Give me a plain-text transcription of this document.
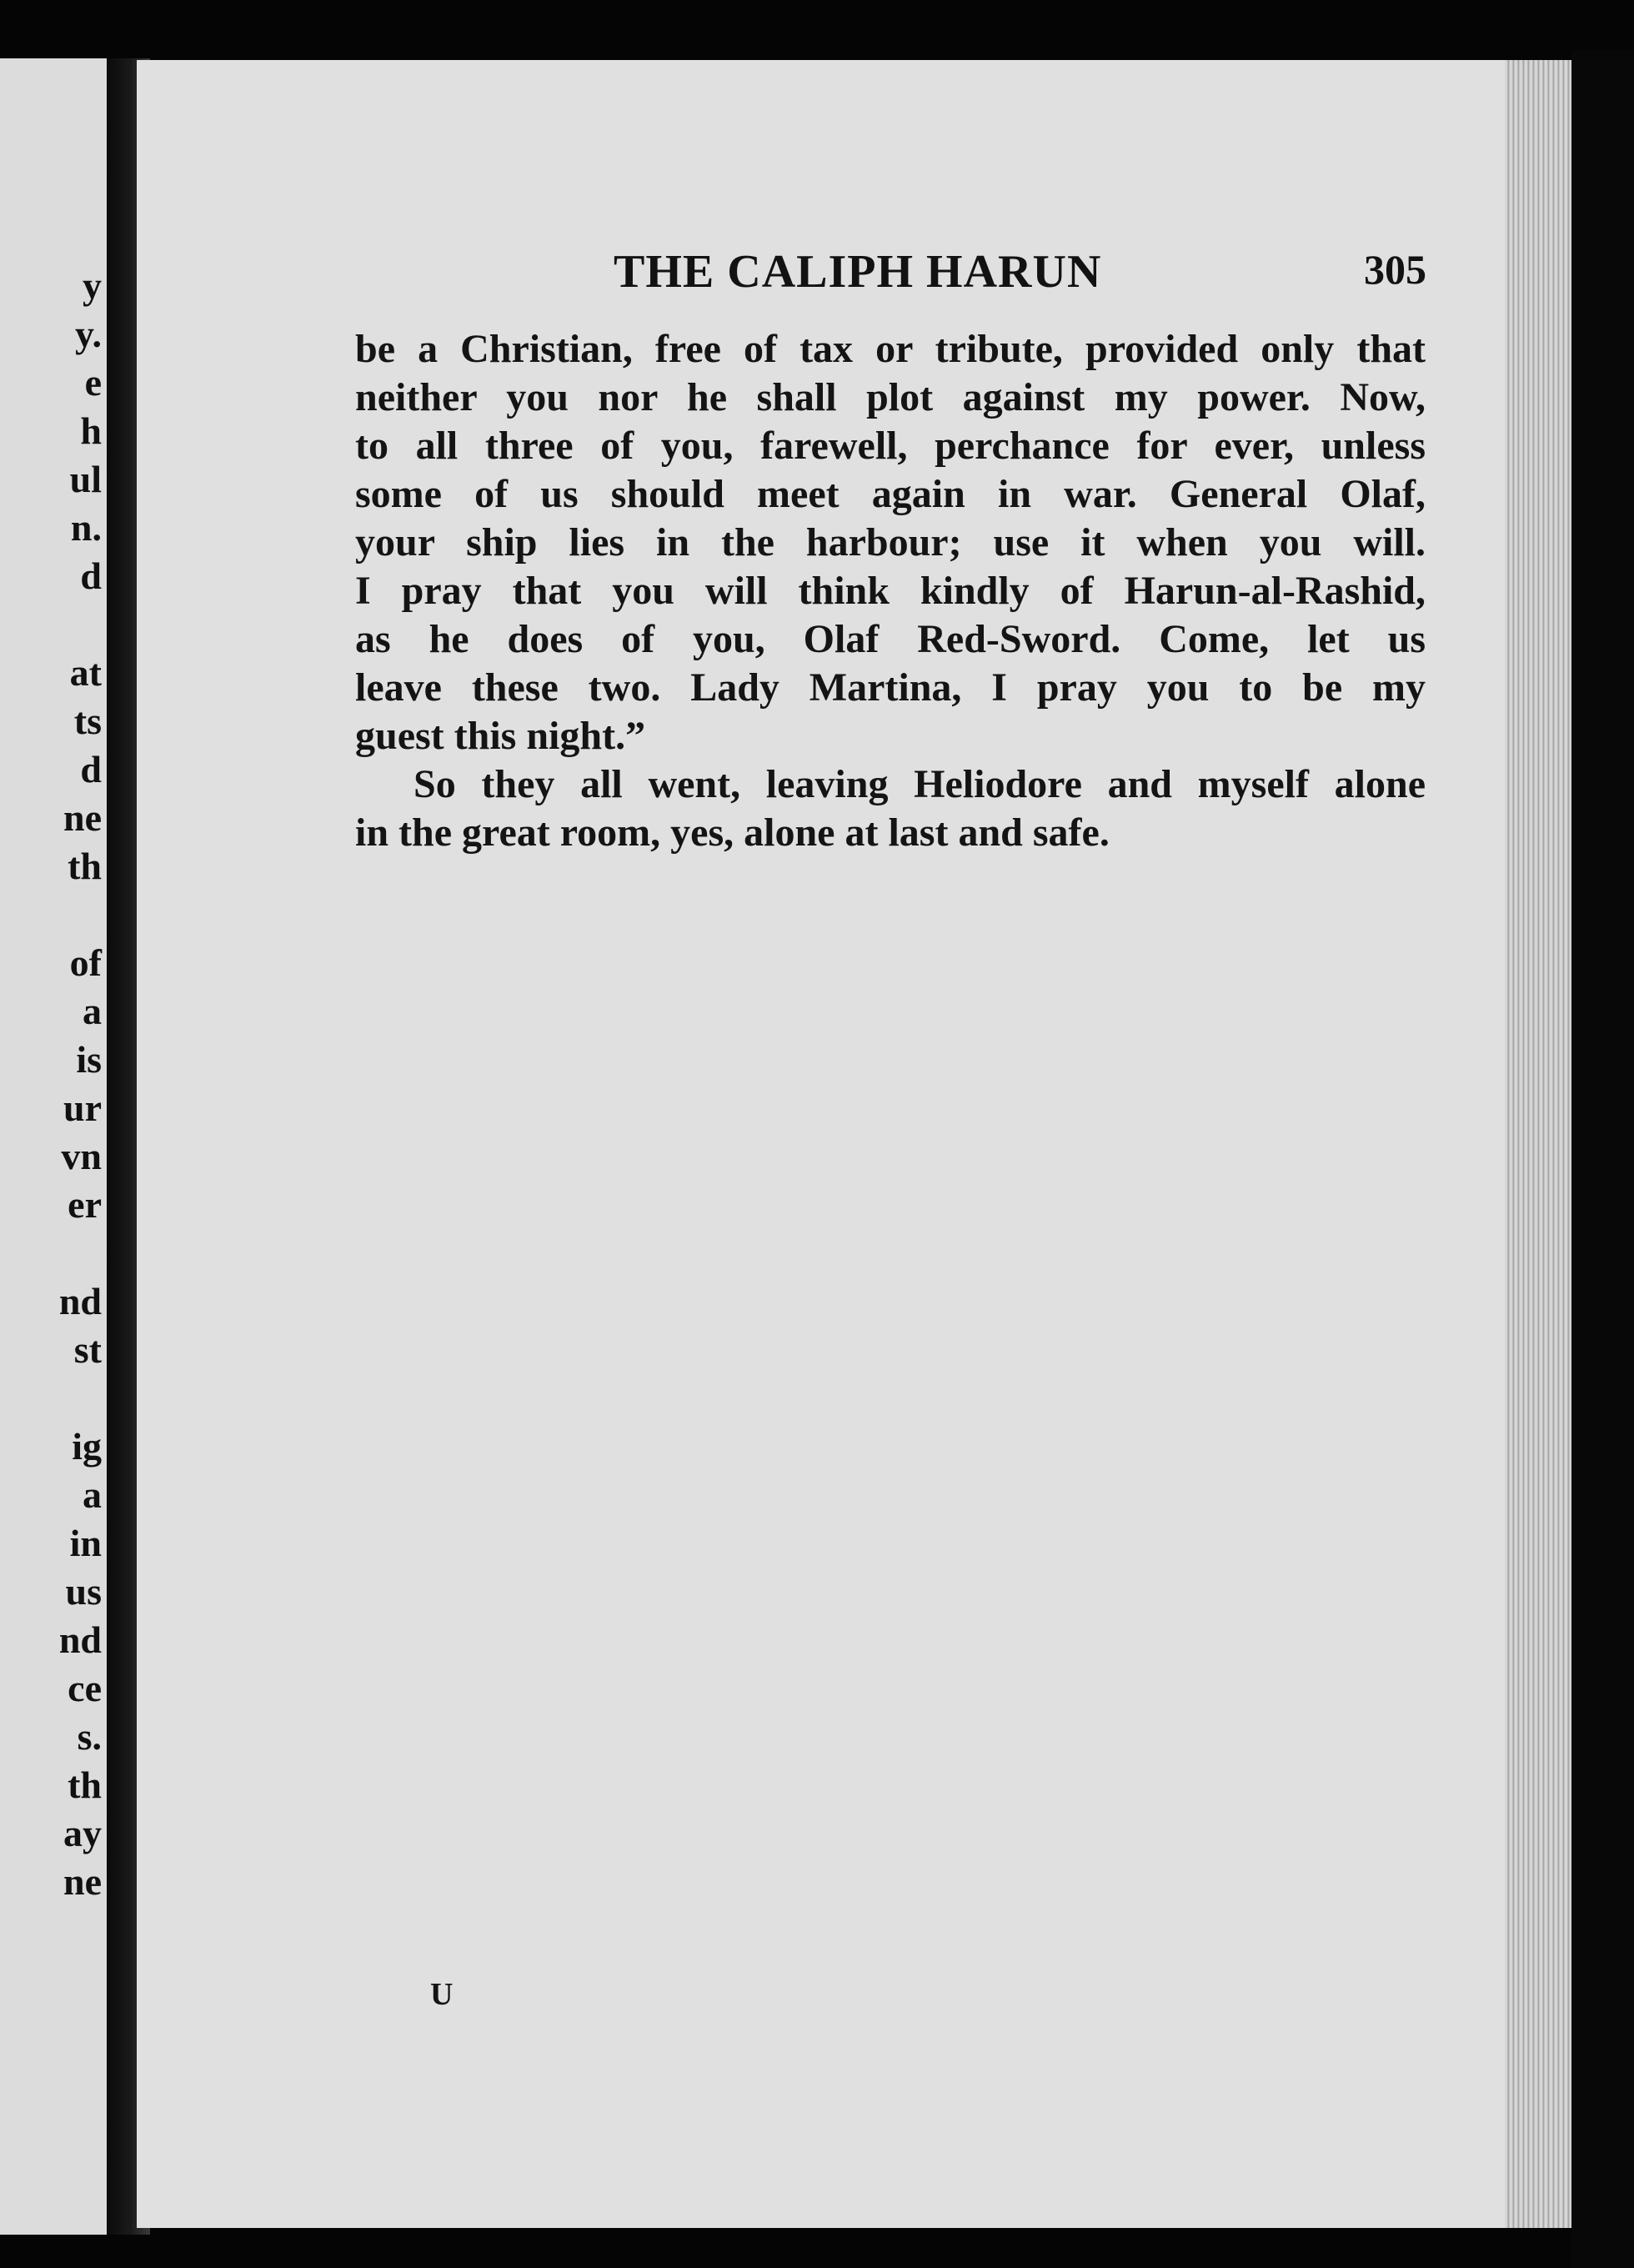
y
y.
e
h
ul
n.
d
at
ts
d
ne
th
of
a
is
ur
vn
er
nd
st
ig
a
in
us
nd
ce
s.
th
ay
ne
THE CALIPH HARUN	305
be a Christian, free of tax or tribute, provided only that
neither you nor he shall plot against my power. Now,
to all three of you, farewell, perchance for ever, unless
some of us should meet again in war. General Olaf,
your ship lies in the harbour; use it when you will.
I pray that you will think kindly of Harun-al-Rashid,
as he does of you, Olaf Red-Sword. Come, let us
leave these two. Lady Martina, I pray you to be my
guest this night.”
So they all went, leaving Heliodore and myself alone
in the great room, yes, alone at last and safe.
U
